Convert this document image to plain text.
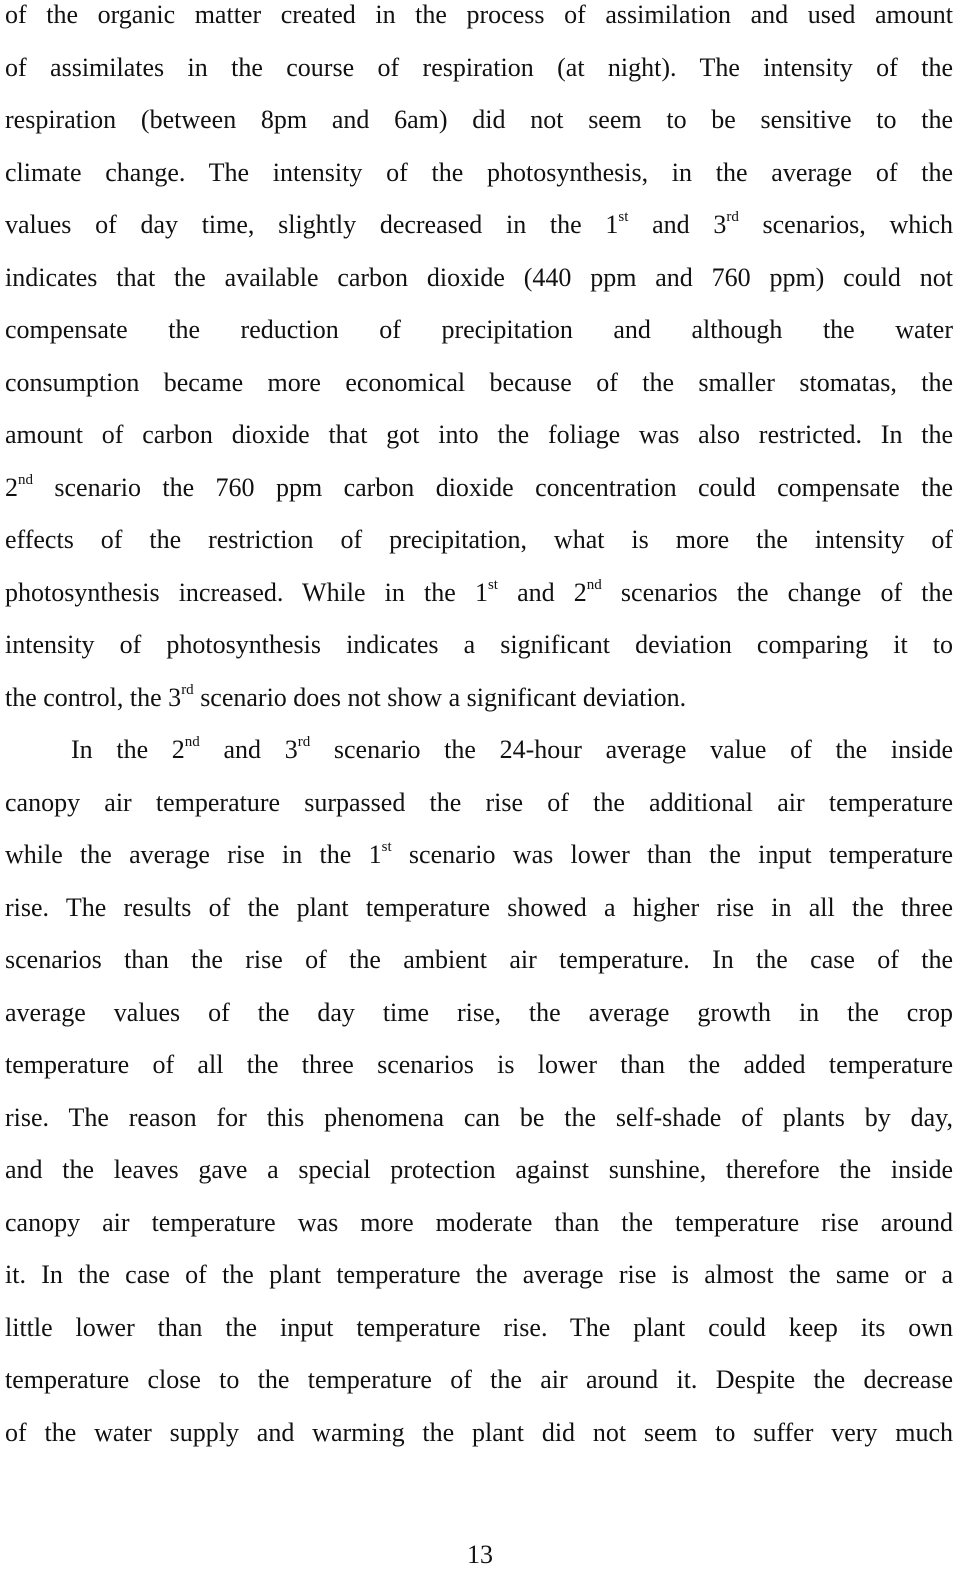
of the organic matter created in the process of assimilation and used amount
of assimilates in the course of respiration (at night). The intensity of the
respiration (between 8pm and 6am) did not seem to be sensitive to the
climate change. The intensity of the photosynthesis, in the average of the
values of day time, slightly decreased in the 1st and 3rd scenarios, which
indicates that the available carbon dioxide (440 ppm and 760 ppm) could not
compensate the reduction of precipitation and although the water
consumption became more economical because of the smaller stomatas, the
amount of carbon dioxide that got into the foliage was also restricted. In the
2nd scenario the 760 ppm carbon dioxide concentration could compensate the
effects of the restriction of precipitation, what is more the intensity of
photosynthesis increased. While in the 1st and 2nd scenarios the change of the
intensity of photosynthesis indicates a significant deviation comparing it to
the control, the 3rd scenario does not show a significant deviation.
In the 2nd and 3rd scenario the 24-hour average value of the inside
canopy air temperature surpassed the rise of the additional air temperature
while the average rise in the 1st scenario was lower than the input temperature
rise. The results of the plant temperature showed a higher rise in all the three
scenarios than the rise of the ambient air temperature. In the case of the
average values of the day time rise, the average growth in the crop
temperature of all the three scenarios is lower than the added temperature
rise. The reason for this phenomena can be the self-shade of plants by day,
and the leaves gave a special protection against sunshine, therefore the inside
canopy air temperature was more moderate than the temperature rise around
it. In the case of the plant temperature the average rise is almost the same or a
little lower than the input temperature rise. The plant could keep its own
temperature close to the temperature of the air around it. Despite the decrease
of the water supply and warming the plant did not seem to suffer very much
13
